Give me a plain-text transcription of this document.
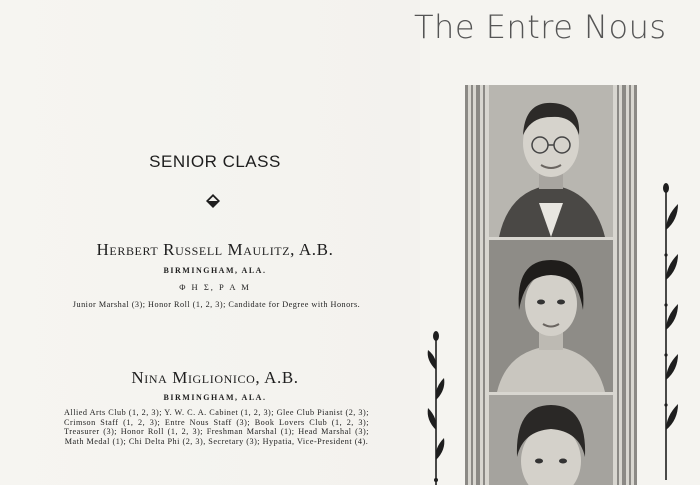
The Entre Nous
SENIOR CLASS
Herbert Russell Maulitz, A.B.
BIRMINGHAM, ALA.
Φ Η Σ, Ρ Α Μ
Junior Marshal (3); Honor Roll (1, 2, 3); Candidate for Degree with Honors.
Nina Miglionico, A.B.
BIRMINGHAM, ALA.
Allied Arts Club (1, 2, 3); Y. W. C. A. Cabinet (1, 2, 3); Glee Club Pianist (2, 3); Crimson Staff (1, 2, 3); Entre Nous Staff (3); Book Lovers Club (1, 2, 3); Treasurer (3); Honor Roll (1, 2, 3); Freshman Marshal (1); Head Marshal (3); Math Medal (1); Chi Delta Phi (2, 3), Secretary (3); Hypatia, Vice-President (4).
